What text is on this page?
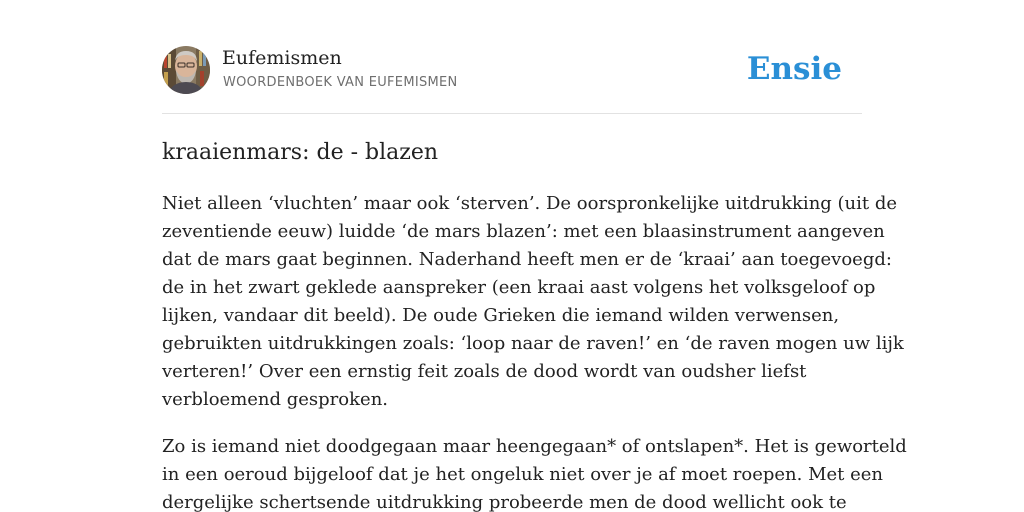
Eufemismen
WOORDENBOEK VAN EUFEMISMEN	Ensie
kraaienmars: de - blazen

Niet alleen ‘vluchten’ maar ook ‘sterven’. De oorspronkelijke uitdrukking (uit de
zeventiende eeuw) luidde ‘de mars blazen’: met een blaasinstrument aangeven
dat de mars gaat beginnen. Naderhand heeft men er de ‘kraai’ aan toegevoegd:
de in het zwart geklede aanspreker (een kraai aast volgens het volksgeloof op
lijken, vandaar dit beeld). De oude Grieken die iemand wilden verwensen,
gebruikten uitdrukkingen zoals: ‘loop naar de raven!’ en ‘de raven mogen uw lijk
verteren!’ Over een ernstig feit zoals de dood wordt van oudsher liefst
verbloemend gesproken.

Zo is iemand niet doodgegaan maar heengegaan* of ontslapen*. Het is geworteld
in een oeroud bijgeloof dat je het ongeluk niet over je af moet roepen. Met een
dergelijke schertsende uitdrukking probeerde men de dood wellicht ook te
